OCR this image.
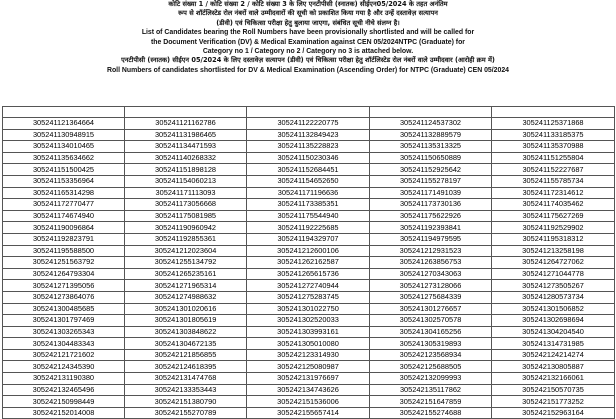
कोटि संख्या 1 / कोटि संख्या 2 / कोटि संख्या 3 के लिए एनटीपीसी (स्नातक) सीईएन05/2024 के तहत अनंतिम
रूप से शॉर्टलिस्टेड रोल नंबरों वाले उम्मीदवारों की सूची को प्रकाशित किया गया है और उन्हें दस्तावेज़ सत्यापन
(डीवी) एवं चिकित्सा परीक्षा हेतु बुलाया जाएगा, संबंधित सूची नीचे संलग्न है।
List of Candidates bearing the Roll Numbers have been provisionally shortlisted and will be called for
the Document Verification (DV) & Medical Examination against CEN 05/2024NTPC (Graduate) for
Category no 1 / Category no 2 / Category no 3 is attached below.
एनटीपीसी (स्नातक) सीईएन 05/2024 के लिए दस्तावेज़ सत्यापन (डीवी) एवं चिकित्सा परीक्षा हेतु शॉर्टलिस्टेड रोल नंबरों वाले उम्मीदवार (आरोही क्रम में)
Roll Numbers of candidates shortlisted for DV & Medical Examination (Ascending Order) for NTPC (Graduate) CEN 05/2024

305241121364664	305241121162786	305241122220775	305241124537302	305241125371868
305241130948915	305241131986465	305241132849423	305241132889579	305241133185375
305241134010465	305241134471593	305241135228823	305241135313325	305241135370988
305241135634662	305241140268332	305241150230346	305241150650889	305241151255804
305241151500425	305241151898128	305241152684451	305241152925642	305241152227687
305241153356964	305241154060213	305241154652650	305241155278197	305241155785734
305241165314298	305241171113093	305241171196636	305241171491039	305241172314612
305241172770477	305241173056668	305241173385351	305241173730136	305241174035462
305241174674940	305241175081985	305241175544940	305241175622926	305241175627269
305241190096864	305241190960942	305241192225685	305241192393841	305241192529902
305241192823791	305241192855361	305241194329707	305241194979595	305241195318312
305241195588500	305241212023604	305241212600106	305241212931523	305241213258198
305241251563792	305241255134792	305241262162587	305241263856753	305241264727062
305241264793304	305241265235161	305241265615736	305241270343063	305241271044778
305241271395056	305241271965314	305241272740944	305241273128066	305241273505267
305241273864076	305241274988632	305241275283745	305241275684339	305241280573734
305241300485685	305241301020616	305241301022750	305241301276657	305241301506852
305241301797469	305241301805619	305241302520033	305241302570578	305241302698694
305241303265343	305241303848622	305241303993161	305241304165256	305241304204540
305241304483343	305241304672135	305241305010080	305241305319893	305241314731985
305242121721602	305242121856855	305242123314930	305242123568934	305242124214274
305242124345390	305242124618395	305242125080987	305242125688505	305242130805887
305242131190380	305242131474768	305242131976697	305242132099993	305242132166061
305242132465496	305242133353443	305242134743626	305242135117862	305242150570735
305242150998449	305242151380790	305242151536006	305242151647859	305242151773252
305242152014008	305242155270789	305242155657414	305242155274688	305242152963164
